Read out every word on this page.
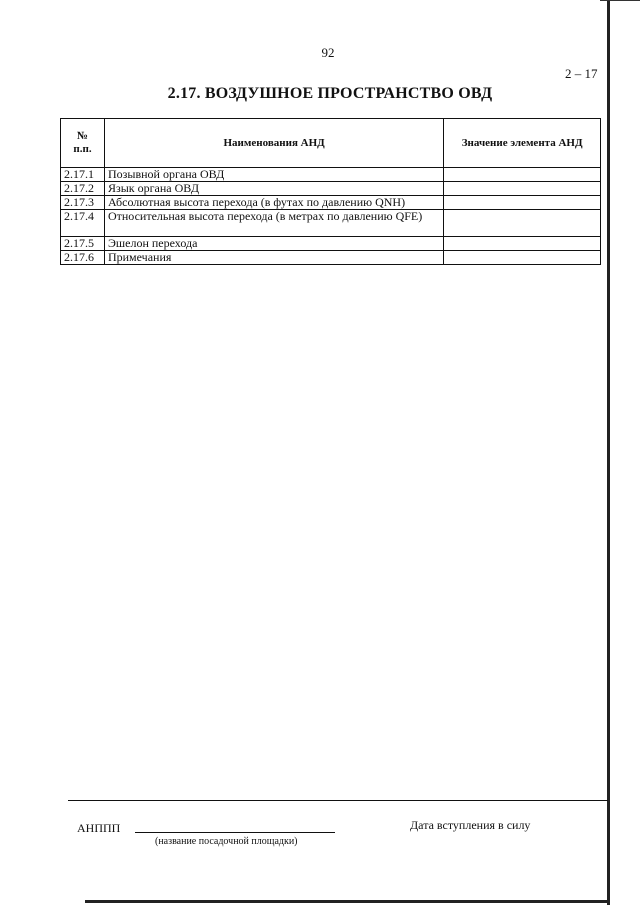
92
2 – 17
2.17. ВОЗДУШНОЕ ПРОСТРАНСТВО ОВД
№
п.п.	Наименования АНД	Значение элемента АНД
2.17.1	Позывной органа ОВД	
2.17.2	Язык органа ОВД	
2.17.3	Абсолютная высота перехода (в футах по давлению QNH)	
2.17.4	Относительная высота перехода (в метрах по давлению QFE)	
2.17.5	Эшелон перехода	
2.17.6	Примечания	
АНППП
(название посадочной площадки)
Дата вступления в силу
